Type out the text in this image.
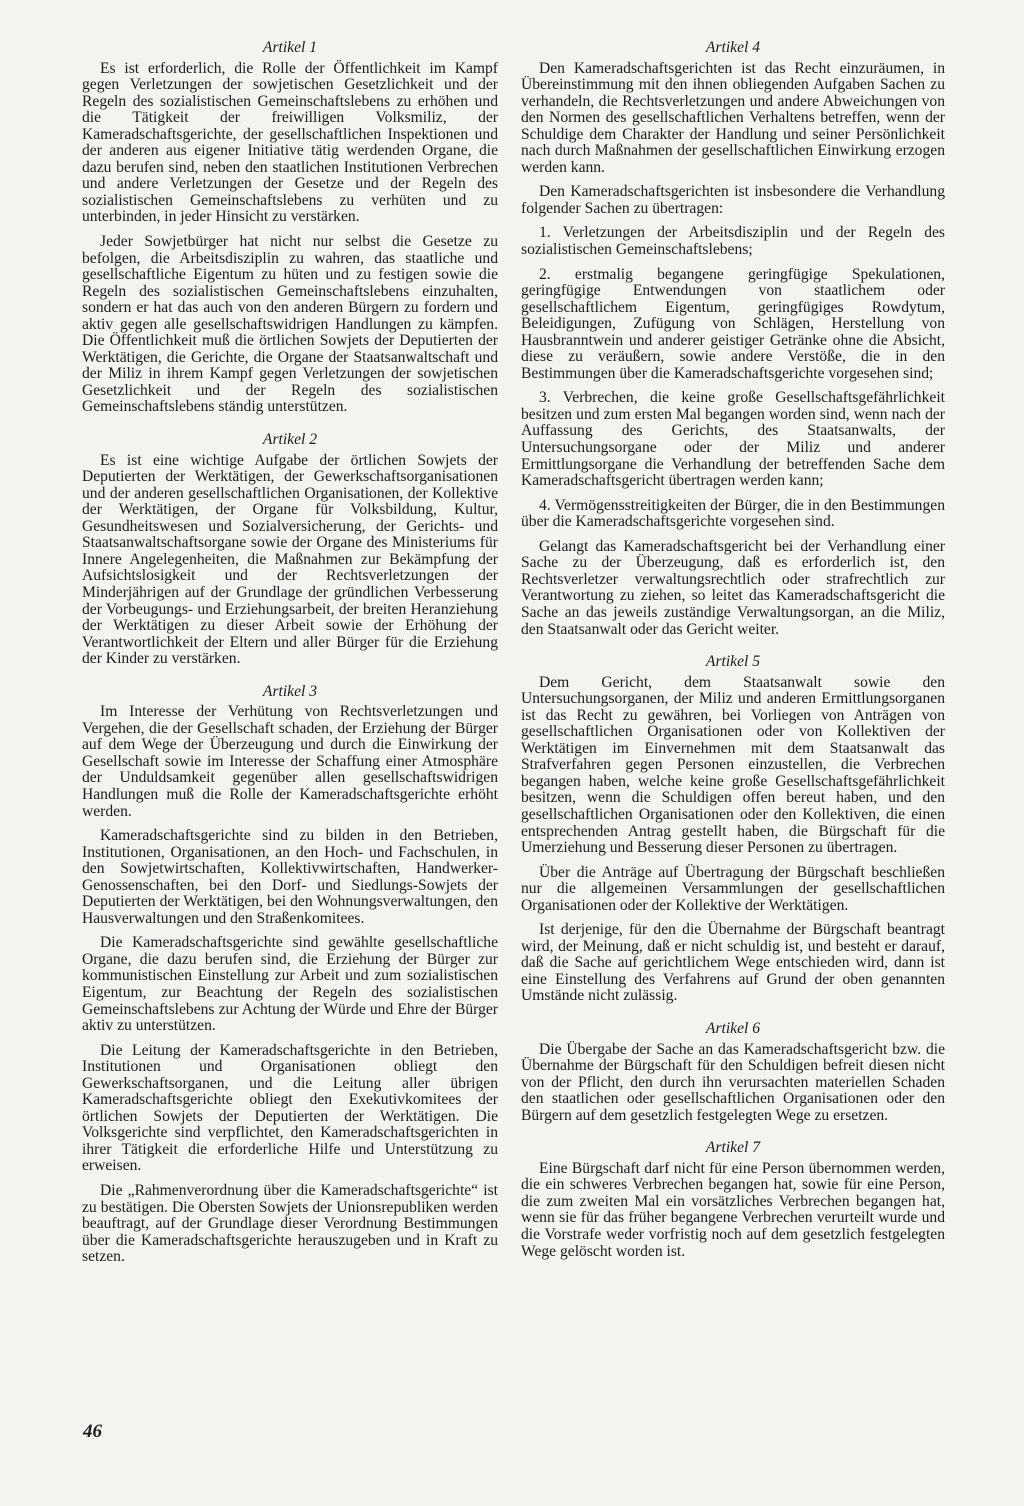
Artikel 1

Es ist erforderlich, die Rolle der Öffentlichkeit im Kampf gegen Verletzungen der sowjetischen Gesetzlichkeit und der Regeln des sozialistischen Gemeinschaftslebens zu erhöhen und die Tätigkeit der freiwilligen Volksmiliz, der Kameradschaftsgerichte, der gesellschaftlichen Inspektionen und der anderen aus eigener Initiative tätig werdenden Organe, die dazu berufen sind, neben den staatlichen Institutionen Verbrechen und andere Verletzungen der Gesetze und der Regeln des sozialistischen Gemeinschaftslebens zu verhüten und zu unterbinden, in jeder Hinsicht zu verstärken.

Jeder Sowjetbürger hat nicht nur selbst die Gesetze zu befolgen, die Arbeitsdisziplin zu wahren, das staatliche und gesellschaftliche Eigentum zu hüten und zu festigen sowie die Regeln des sozialistischen Gemeinschaftslebens einzuhalten, sondern er hat das auch von den anderen Bürgern zu fordern und aktiv gegen alle gesellschaftswidrigen Handlungen zu kämpfen. Die Öffentlichkeit muß die örtlichen Sowjets der Deputierten der Werktätigen, die Gerichte, die Organe der Staatsanwaltschaft und der Miliz in ihrem Kampf gegen Verletzungen der sowjetischen Gesetzlichkeit und der Regeln des sozialistischen Gemeinschaftslebens ständig unterstützen.

Artikel 2

Es ist eine wichtige Aufgabe der örtlichen Sowjets der Deputierten der Werktätigen, der Gewerkschaftsorganisationen und der anderen gesellschaftlichen Organisationen, der Kollektive der Werktätigen, der Organe für Volksbildung, Kultur, Gesundheitswesen und Sozialversicherung, der Gerichts- und Staatsanwaltschaftsorgane sowie der Organe des Ministeriums für Innere Angelegenheiten, die Maßnahmen zur Bekämpfung der Aufsichtslosigkeit und der Rechtsverletzungen der Minderjährigen auf der Grundlage der gründlichen Verbesserung der Vorbeugungs- und Erziehungsarbeit, der breiten Heranziehung der Werktätigen zu dieser Arbeit sowie der Erhöhung der Verantwortlichkeit der Eltern und aller Bürger für die Erziehung der Kinder zu verstärken.

Artikel 3

Im Interesse der Verhütung von Rechtsverletzungen und Vergehen, die der Gesellschaft schaden, der Erziehung der Bürger auf dem Wege der Überzeugung und durch die Einwirkung der Gesellschaft sowie im Interesse der Schaffung einer Atmosphäre der Unduldsamkeit gegenüber allen gesellschaftswidrigen Handlungen muß die Rolle der Kameradschaftsgerichte erhöht werden.

Kameradschaftsgerichte sind zu bilden in den Betrieben, Institutionen, Organisationen, an den Hoch- und Fachschulen, in den Sowjetwirtschaften, Kollektivwirtschaften, Handwerker-Genossenschaften, bei den Dorf- und Siedlungs-Sowjets der Deputierten der Werktätigen, bei den Wohnungsverwaltungen, den Hausverwaltungen und den Straßenkomitees.

Die Kameradschaftsgerichte sind gewählte gesellschaftliche Organe, die dazu berufen sind, die Erziehung der Bürger zur kommunistischen Einstellung zur Arbeit und zum sozialistischen Eigentum, zur Beachtung der Regeln des sozialistischen Gemeinschaftslebens zur Achtung der Würde und Ehre der Bürger aktiv zu unterstützen.

Die Leitung der Kameradschaftsgerichte in den Betrieben, Institutionen und Organisationen obliegt den Gewerkschaftsorganen, und die Leitung aller übrigen Kameradschaftsgerichte obliegt den Exekutivkomitees der örtlichen Sowjets der Deputierten der Werktätigen. Die Volksgerichte sind verpflichtet, den Kameradschaftsgerichten in ihrer Tätigkeit die erforderliche Hilfe und Unterstützung zu erweisen.

Die „Rahmenverordnung über die Kameradschaftsgerichte“ ist zu bestätigen. Die Obersten Sowjets der Unionsrepubliken werden beauftragt, auf der Grundlage dieser Verordnung Bestimmungen über die Kameradschaftsgerichte herauszugeben und in Kraft zu setzen.

Artikel 4

Den Kameradschaftsgerichten ist das Recht einzuräumen, in Übereinstimmung mit den ihnen obliegenden Aufgaben Sachen zu verhandeln, die Rechtsverletzungen und andere Abweichungen von den Normen des gesellschaftlichen Verhaltens betreffen, wenn der Schuldige dem Charakter der Handlung und seiner Persönlichkeit nach durch Maßnahmen der gesellschaftlichen Einwirkung erzogen werden kann.

Den Kameradschaftsgerichten ist insbesondere die Verhandlung folgender Sachen zu übertragen:

1. Verletzungen der Arbeitsdisziplin und der Regeln des sozialistischen Gemeinschaftslebens;

2. erstmalig begangene geringfügige Spekulationen, geringfügige Entwendungen von staatlichem oder gesellschaftlichem Eigentum, geringfügiges Rowdytum, Beleidigungen, Zufügung von Schlägen, Herstellung von Hausbranntwein und anderer geistiger Getränke ohne die Absicht, diese zu veräußern, sowie andere Verstöße, die in den Bestimmungen über die Kameradschaftsgerichte vorgesehen sind;

3. Verbrechen, die keine große Gesellschaftsgefährlichkeit besitzen und zum ersten Mal begangen worden sind, wenn nach der Auffassung des Gerichts, des Staatsanwalts, der Untersuchungsorgane oder der Miliz und anderer Ermittlungsorgane die Verhandlung der betreffenden Sache dem Kameradschaftsgericht übertragen werden kann;

4. Vermögensstreitigkeiten der Bürger, die in den Bestimmungen über die Kameradschaftsgerichte vorgesehen sind.

Gelangt das Kameradschaftsgericht bei der Verhandlung einer Sache zu der Überzeugung, daß es erforderlich ist, den Rechtsverletzer verwaltungsrechtlich oder strafrechtlich zur Verantwortung zu ziehen, so leitet das Kameradschaftsgericht die Sache an das jeweils zuständige Verwaltungsorgan, an die Miliz, den Staatsanwalt oder das Gericht weiter.

Artikel 5

Dem Gericht, dem Staatsanwalt sowie den Untersuchungsorganen, der Miliz und anderen Ermittlungsorganen ist das Recht zu gewähren, bei Vorliegen von Anträgen von gesellschaftlichen Organisationen oder von Kollektiven der Werktätigen im Einvernehmen mit dem Staatsanwalt das Strafverfahren gegen Personen einzustellen, die Verbrechen begangen haben, welche keine große Gesellschaftsgefährlichkeit besitzen, wenn die Schuldigen offen bereut haben, und den gesellschaftlichen Organisationen oder den Kollektiven, die einen entsprechenden Antrag gestellt haben, die Bürgschaft für die Umerziehung und Besserung dieser Personen zu übertragen.

Über die Anträge auf Übertragung der Bürgschaft beschließen nur die allgemeinen Versammlungen der gesellschaftlichen Organisationen oder der Kollektive der Werktätigen.

Ist derjenige, für den die Übernahme der Bürgschaft beantragt wird, der Meinung, daß er nicht schuldig ist, und besteht er darauf, daß die Sache auf gerichtlichem Wege entschieden wird, dann ist eine Einstellung des Verfahrens auf Grund der oben genannten Umstände nicht zulässig.

Artikel 6

Die Übergabe der Sache an das Kameradschaftsgericht bzw. die Übernahme der Bürgschaft für den Schuldigen befreit diesen nicht von der Pflicht, den durch ihn verursachten materiellen Schaden den staatlichen oder gesellschaftlichen Organisationen oder den Bürgern auf dem gesetzlich festgelegten Wege zu ersetzen.

Artikel 7

Eine Bürgschaft darf nicht für eine Person übernommen werden, die ein schweres Verbrechen begangen hat, sowie für eine Person, die zum zweiten Mal ein vorsätzliches Verbrechen begangen hat, wenn sie für das früher begangene Verbrechen verurteilt wurde und die Vorstrafe weder vorfristig noch auf dem gesetzlich festgelegten Wege gelöscht worden ist.

46
